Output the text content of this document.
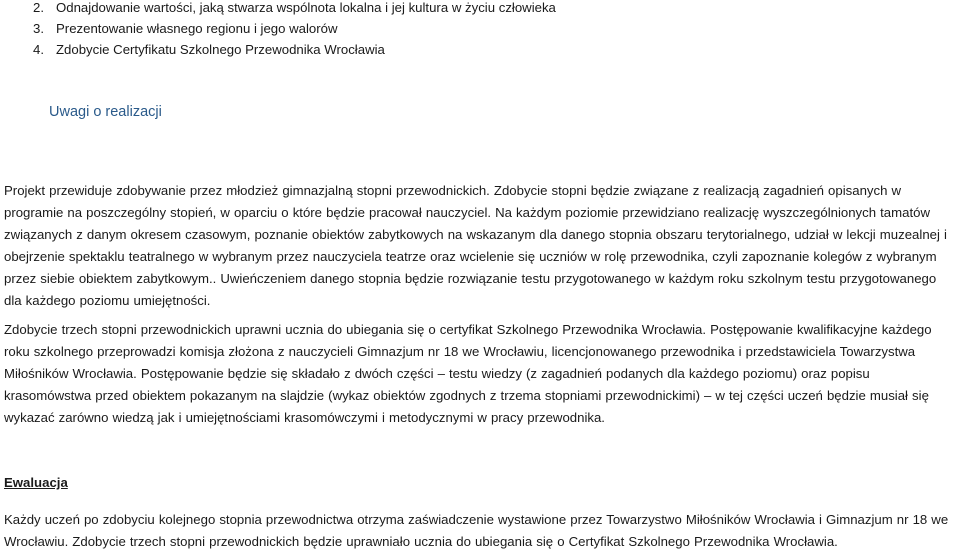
2. Odnajdowanie wartości, jaką stwarza wspólnota lokalna i jej kultura w życiu człowieka
3. Prezentowanie własnego regionu i jego walorów
4. Zdobycie Certyfikatu Szkolnego Przewodnika Wrocławia
Uwagi o realizacji

Projekt przewiduje zdobywanie przez młodzież gimnazjalną stopni przewodnickich. Zdobycie stopni będzie związane z realizacją zagadnień opisanych w programie na poszczególny stopień, w oparciu o które będzie pracował nauczyciel. Na każdym poziomie przewidziano realizację wyszczególnionych tamatów związanych z danym okresem czasowym, poznanie obiektów zabytkowych na wskazanym dla danego stopnia obszaru terytorialnego, udział w lekcji muzealnej i obejrzenie spektaklu teatralnego w wybranym przez nauczyciela teatrze oraz wcielenie się uczniów w rolę przewodnika, czyli zapoznanie kolegów z wybranym przez siebie obiektem zabytkowym.. Uwieńczeniem danego stopnia będzie rozwiązanie testu przygotowanego w każdym roku szkolnym testu przygotowanego dla każdego poziomu umiejętności.

Zdobycie trzech stopni przewodnickich uprawni ucznia do ubiegania się o certyfikat Szkolnego Przewodnika Wrocławia. Postępowanie kwalifikacyjne każdego roku szkolnego przeprowadzi komisja złożona z nauczycieli Gimnazjum nr 18 we Wrocławiu, licencjonowanego przewodnika i przedstawiciela Towarzystwa Miłośników Wrocławia. Postępowanie będzie się składało z dwóch części – testu wiedzy (z zagadnień podanych dla każdego poziomu) oraz popisu krasomówstwa przed obiektem pokazanym na slajdzie (wykaz obiektów zgodnych z trzema stopniami przewodnickimi) – w tej części uczeń będzie musiał się wykazać zarówno wiedzą jak i umiejętnościami krasomówczymi i metodycznymi w pracy przewodnika.

Ewaluacja

Każdy uczeń po zdobyciu kolejnego stopnia przewodnictwa otrzyma zaświadczenie wystawione przez Towarzystwo Miłośników Wrocławia i Gimnazjum nr 18 we Wrocławiu. Zdobycie trzech stopni przewodnickich będzie uprawniało ucznia do ubiegania się o Certyfikat Szkolnego Przewodnika Wrocławia.
